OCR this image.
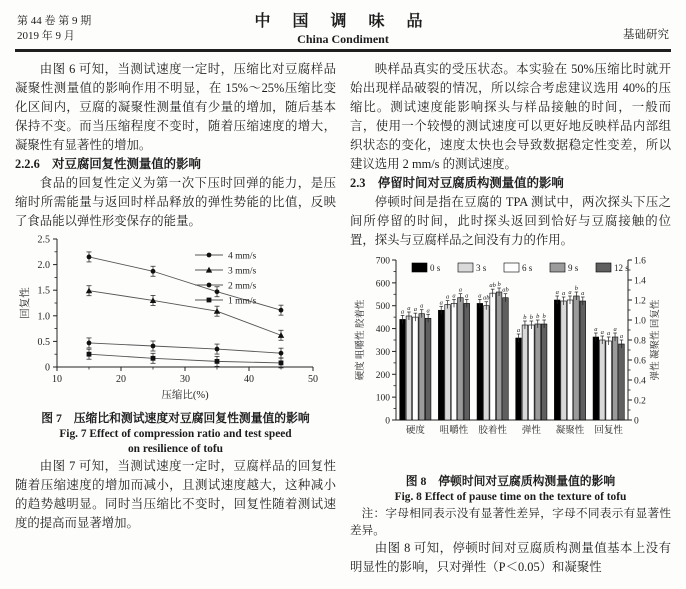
第 44 卷 第 9 期
2019 年 9 月
中 国 调 味 品
China Condiment	基础研究

由图 6 可知，当测试速度一定时，压缩比对豆腐样品凝聚性测量值的影响作用不明显，在 15%～25%压缩比变化区间内，豆腐的凝聚性测量值有少量的增加，随后基本保持不变。而当压缩程度不变时，随着压缩速度的增大，凝聚性有显著性的增加。

2.2.6　对豆腐回复性测量值的影响

食品的回复性定义为第一次下压时回弹的能力，是压缩时所需能量与返回时样品释放的弹性势能的比值，反映了食品能以弹性形变保存的能量。

10	20	30	40	50
0
0.5
1.0
1.5
2.0
2.5
压缩比(%)
回复性
4 mm/s
3 mm/s
2 mm/s
1 mm/s
图 7　压缩比和测试速度对豆腐回复性测量值的影响
Fig. 7 Effect of compression ratio and test speed
on resilience of tofu

由图 7 可知，当测试速度一定时，豆腐样品的回复性随着压缩速度的增加而减小，且测试速度越大，这种减小的趋势越明显。同时当压缩比不变时，回复性随着测试速度的提高而显著增加。

映样品真实的受压状态。本实验在 50%压缩比时就开始出现样品破裂的情况，所以综合考虑建议选用 40%的压缩比。测试速度能影响探头与样品接触的时间，一般而言，使用一个较慢的测试速度可以更好地反映样品内部组织状态的变化，速度太快也会导致数据稳定性变差，所以建议选用 2 mm/s 的测试速度。

2.3　停留时间对豆腐质构测量值的影响

停顿时间是指在豆腐的 TPA 测试中，两次探头下压之间所停留的时间，此时探头返回到恰好与豆腐接触的位置，探头与豆腐样品之间没有力的作用。

0
100
200
300
400
500
600
700
0
0.2
0.4
0.6
0.8
1.0
1.2
1.4
1.6
硬度 咀嚼性 胶着性	弹性 凝聚性 回复性
硬度
a a a a
a
咀嚼性
a
a a
a
a
胶着性
a ab
ab b
ab
弹性
a
b b b b
凝聚性
a a a
b
a
回复性
a a a
a
a
0 s	3 s	6 s	9 s	12 s
图 8　停顿时间对豆腐质构测量值的影响
Fig. 8 Effect of pause time on the texture of tofu

注：字母相同表示没有显著性差异，字母不同表示有显著性差异。

由图 8 可知，停顿时间对豆腐质构测量值基本上没有明显性的影响，只对弹性（P＜0.05）和凝聚性
